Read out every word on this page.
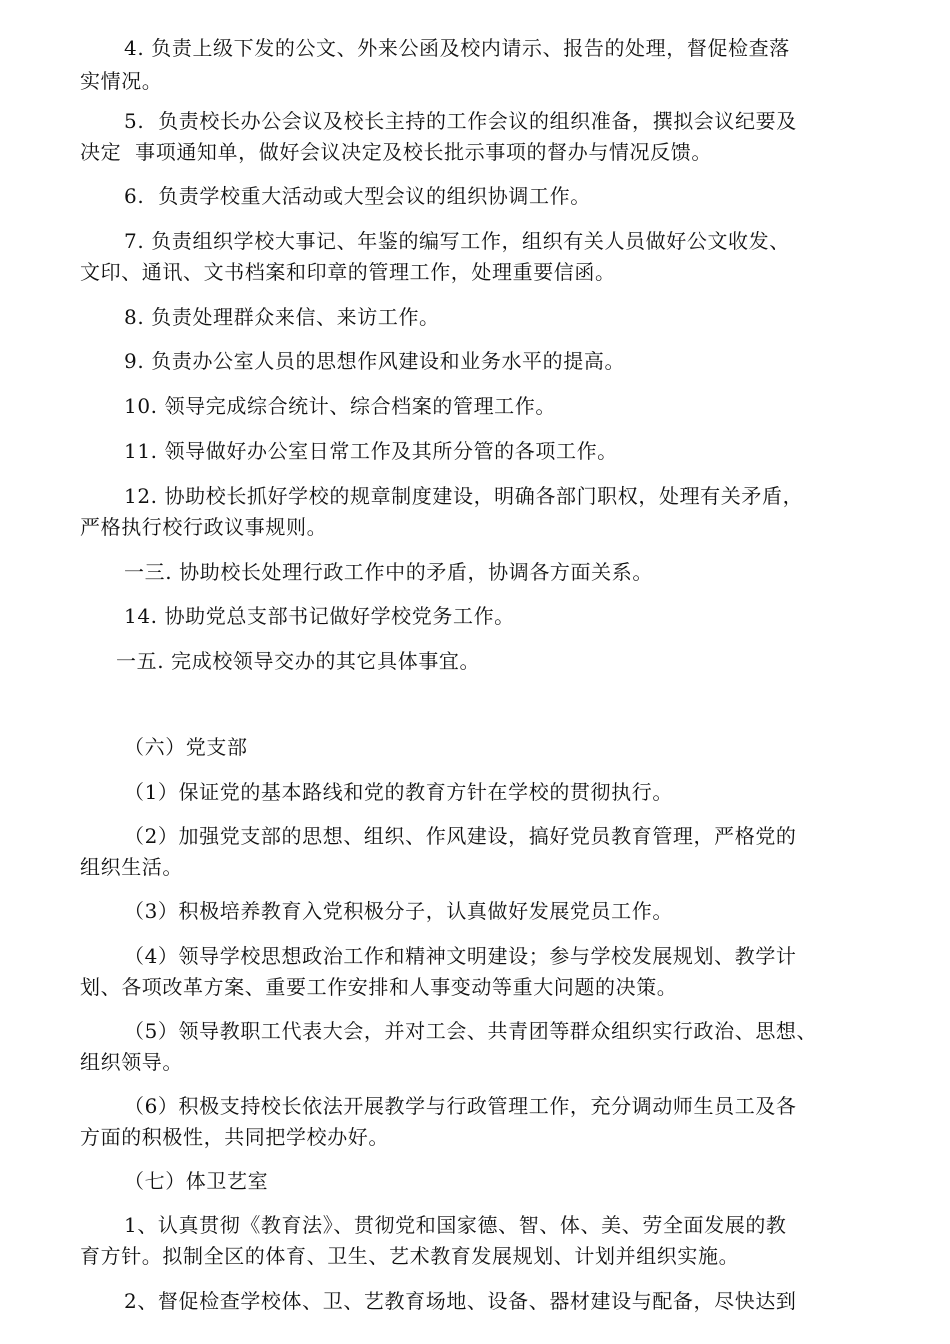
4. 负责上级下发的公文、外来公函及校内请示、报告的处理，督促检查落
实情况。
5.  负责校长办公会议及校长主持的工作会议的组织准备，撰拟会议纪要及
决定  事项通知单，做好会议决定及校长批示事项的督办与情况反馈。
6.  负责学校重大活动或大型会议的组织协调工作。
7. 负责组织学校大事记、年鉴的编写工作，组织有关人员做好公文收发、
文印、通讯、文书档案和印章的管理工作，处理重要信函。
8. 负责处理群众来信、来访工作。
9. 负责办公室人员的思想作风建设和业务水平的提高。
10. 领导完成综合统计、综合档案的管理工作。
11. 领导做好办公室日常工作及其所分管的各项工作。
12. 协助校长抓好学校的规章制度建设，明确各部门职权，处理有关矛盾，
严格执行校行政议事规则。
一三. 协助校长处理行政工作中的矛盾，协调各方面关系。
14. 协助党总支部书记做好学校党务工作。
一五. 完成校领导交办的其它具体事宜。
（六）党支部
（1）保证党的基本路线和党的教育方针在学校的贯彻执行。
（2）加强党支部的思想、组织、作风建设，搞好党员教育管理，严格党的
组织生活。
（3）积极培养教育入党积极分子，认真做好发展党员工作。
（4）领导学校思想政治工作和精神文明建设；参与学校发展规划、教学计
划、各项改革方案、重要工作安排和人事变动等重大问题的决策。
（5）领导教职工代表大会，并对工会、共青团等群众组织实行政治、思想、
组织领导。
（6）积极支持校长依法开展教学与行政管理工作，充分调动师生员工及各
方面的积极性，共同把学校办好。
（七）体卫艺室
1、认真贯彻《教育法》、贯彻党和国家德、智、体、美、劳全面发展的教
育方针。拟制全区的体育、卫生、艺术教育发展规划、计划并组织实施。
2、督促检查学校体、卫、艺教育场地、设备、器材建设与配备，尽快达到
